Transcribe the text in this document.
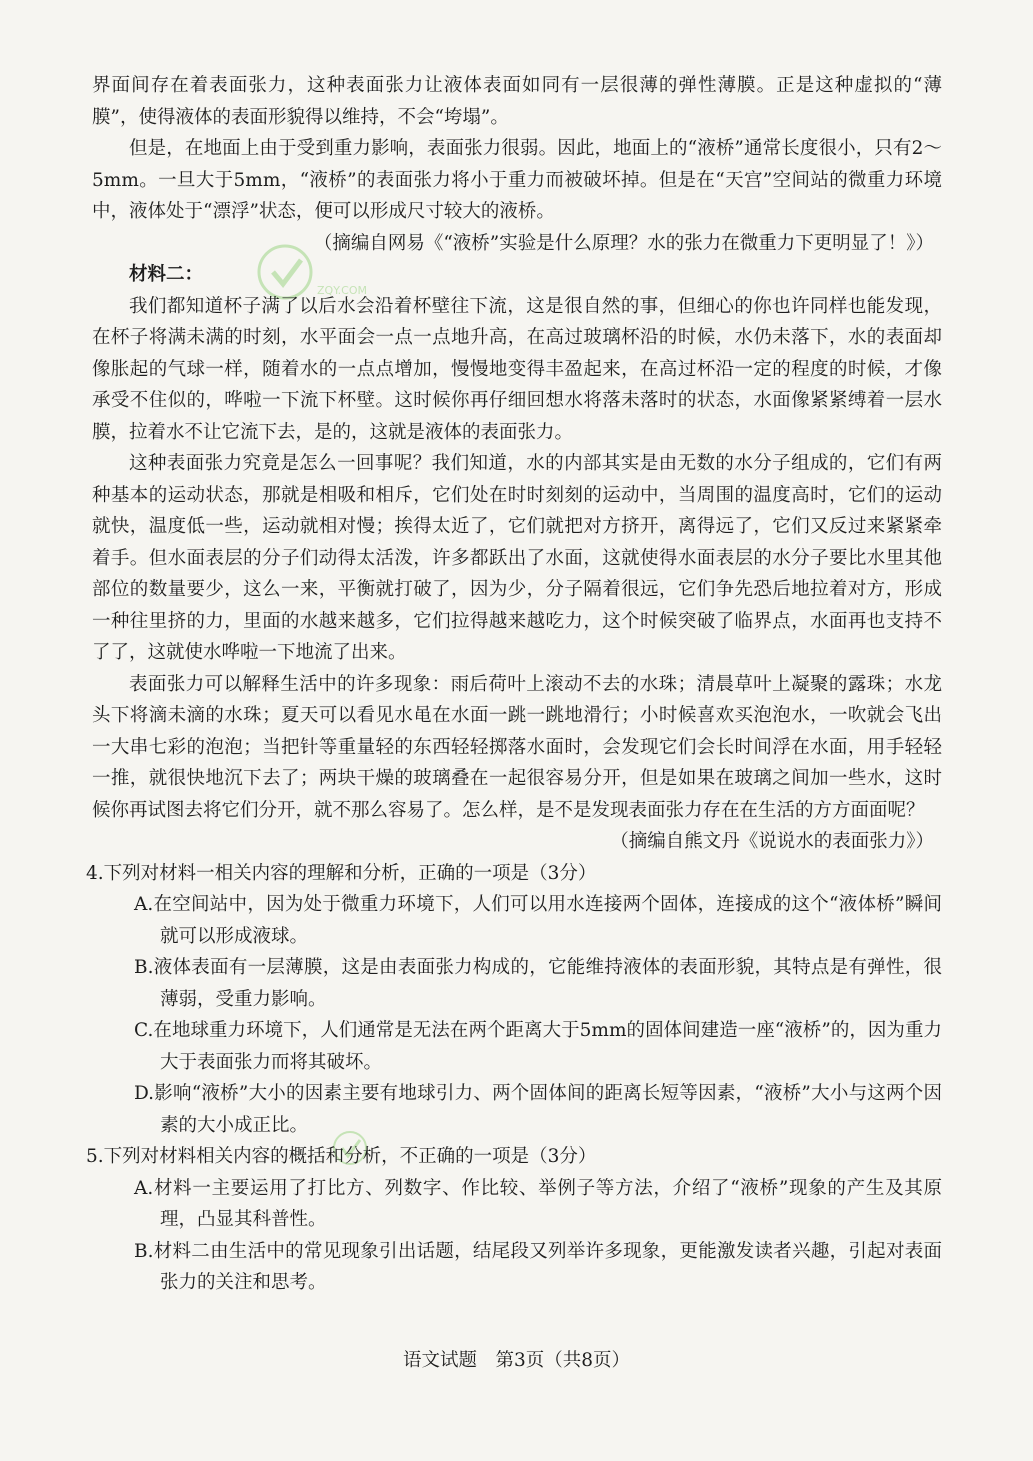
ZQY.COM

界面间存在着表面张力，这种表面张力让液体表面如同有一层很薄的弹性薄膜。正是这种虚拟的“薄膜”，使得液体的表面形貌得以维持，不会“垮塌”。

但是，在地面上由于受到重力影响，表面张力很弱。因此，地面上的“液桥”通常长度很小，只有2～5mm。一旦大于5mm，“液桥”的表面张力将小于重力而被破坏掉。但是在“天宫”空间站的微重力环境中，液体处于“漂浮”状态，便可以形成尺寸较大的液桥。

（摘编自网易《“液桥”实验是什么原理？水的张力在微重力下更明显了！》）

材料二：

我们都知道杯子满了以后水会沿着杯壁往下流，这是很自然的事，但细心的你也许同样也能发现，在杯子将满未满的时刻，水平面会一点一点地升高，在高过玻璃杯沿的时候，水仍未落下，水的表面却像胀起的气球一样，随着水的一点点增加，慢慢地变得丰盈起来，在高过杯沿一定的程度的时候，才像承受不住似的，哗啦一下流下杯壁。这时候你再仔细回想水将落未落时的状态，水面像紧紧缚着一层水膜，拉着水不让它流下去，是的，这就是液体的表面张力。

这种表面张力究竟是怎么一回事呢？我们知道，水的内部其实是由无数的水分子组成的，它们有两种基本的运动状态，那就是相吸和相斥，它们处在时时刻刻的运动中，当周围的温度高时，它们的运动就快，温度低一些，运动就相对慢；挨得太近了，它们就把对方挤开，离得远了，它们又反过来紧紧牵着手。但水面表层的分子们动得太活泼，许多都跃出了水面，这就使得水面表层的水分子要比水里其他部位的数量要少，这么一来，平衡就打破了，因为少，分子隔着很远，它们争先恐后地拉着对方，形成一种往里挤的力，里面的水越来越多，它们拉得越来越吃力，这个时候突破了临界点，水面再也支持不了了，这就使水哗啦一下地流了出来。

表面张力可以解释生活中的许多现象：雨后荷叶上滚动不去的水珠；清晨草叶上凝聚的露珠；水龙头下将滴未滴的水珠；夏天可以看见水黾在水面一跳一跳地滑行；小时候喜欢买泡泡水，一吹就会飞出一大串七彩的泡泡；当把针等重量轻的东西轻轻掷落水面时，会发现它们会长时间浮在水面，用手轻轻一推，就很快地沉下去了；两块干燥的玻璃叠在一起很容易分开，但是如果在玻璃之间加一些水，这时候你再试图去将它们分开，就不那么容易了。怎么样，是不是发现表面张力存在在生活的方方面面呢？

（摘编自熊文丹《说说水的表面张力》）

4.下列对材料一相关内容的理解和分析，正确的一项是（3分）

A.在空间站中，因为处于微重力环境下，人们可以用水连接两个固体，连接成的这个“液体桥”瞬间就可以形成液球。

B.液体表面有一层薄膜，这是由表面张力构成的，它能维持液体的表面形貌，其特点是有弹性，很薄弱，受重力影响。

C.在地球重力环境下，人们通常是无法在两个距离大于5mm的固体间建造一座“液桥”的，因为重力大于表面张力而将其破坏。

D.影响“液桥”大小的因素主要有地球引力、两个固体间的距离长短等因素，“液桥”大小与这两个因素的大小成正比。

5.下列对材料相关内容的概括和分析，不正确的一项是（3分）

A.材料一主要运用了打比方、列数字、作比较、举例子等方法，介绍了“液桥”现象的产生及其原理，凸显其科普性。

B.材料二由生活中的常见现象引出话题，结尾段又列举许多现象，更能激发读者兴趣，引起对表面张力的关注和思考。

语文试题　第3页（共8页）
